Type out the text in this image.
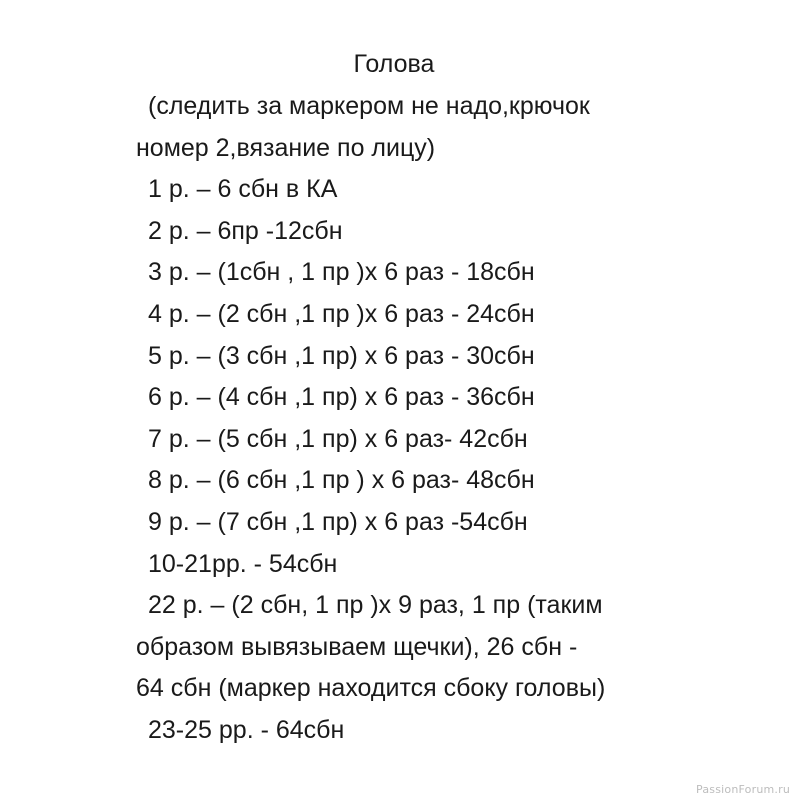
Голова
(следить за маркером не надо,крючок
номер 2,вязание по лицу)
1 р. – 6 сбн в КА
2 р. – 6пр -12сбн
3 р. – (1сбн , 1 пр )х 6 раз - 18сбн
4 р. – (2 сбн ,1 пр )х 6 раз - 24сбн
5 р. – (3 сбн ,1 пр) х 6 раз - 30сбн
6 р. – (4 сбн ,1 пр) х 6 раз - 36сбн
7 р. – (5 сбн ,1 пр) х 6 раз- 42сбн
8 р. – (6 сбн ,1 пр ) х 6 раз- 48сбн
9 р. – (7 сбн ,1 пр) х 6 раз -54сбн
10-21рр. - 54сбн
22 р. – (2 сбн, 1 пр )х 9 раз, 1 пр (таким
образом вывязываем щечки), 26 сбн -
64 сбн (маркер находится сбоку головы)
23-25 рр. - 64сбн
PassionForum.ru
